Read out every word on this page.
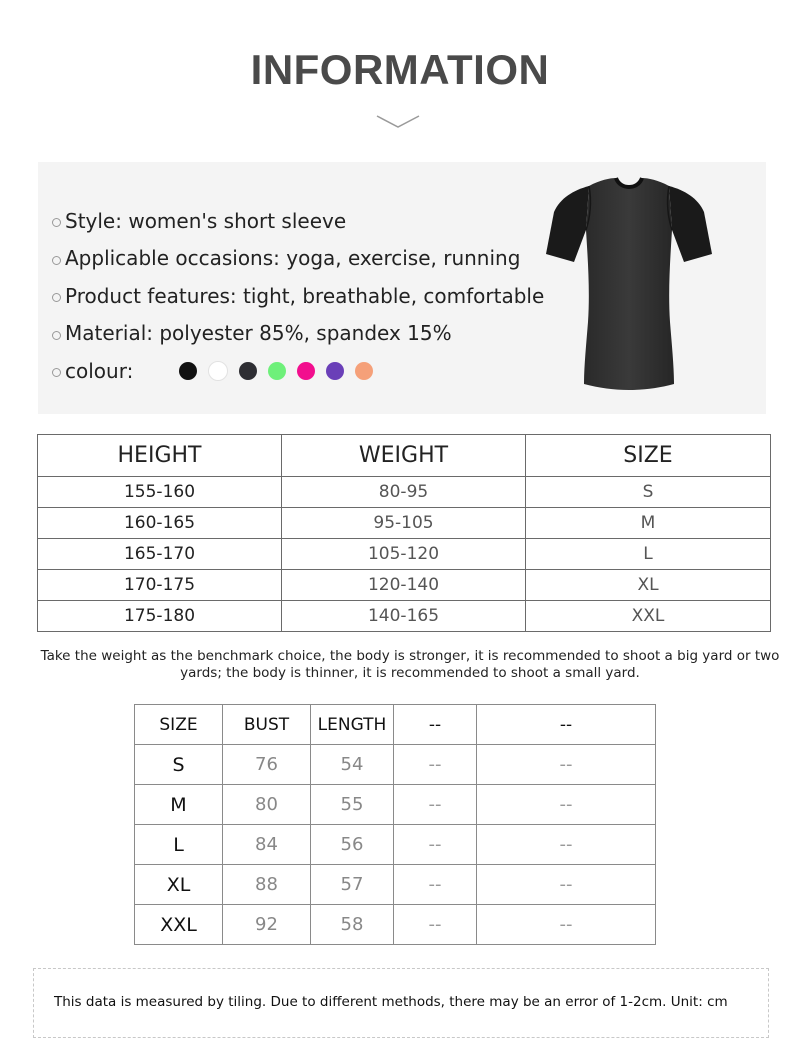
INFORMATION
Style: women's short sleeve
Applicable occasions: yoga, exercise, running
Product features: tight, breathable, comfortable
Material: polyester 85%, spandex 15%
colour:
HEIGHT	WEIGHT	SIZE
155-160	80-95	S
160-165	95-105	M
165-170	105-120	L
170-175	120-140	XL
175-180	140-165	XXL
Take the weight as the benchmark choice, the body is stronger, it is recommended to shoot a big yard or two yards; the body is thinner, it is recommended to shoot a small yard.
SIZE	BUST	LENGTH	--	--
S	76	54	--	--
M	80	55	--	--
L	84	56	--	--
XL	88	57	--	--
XXL	92	58	--	--
This data is measured by tiling. Due to different methods, there may be an error of 1-2cm. Unit: cm
